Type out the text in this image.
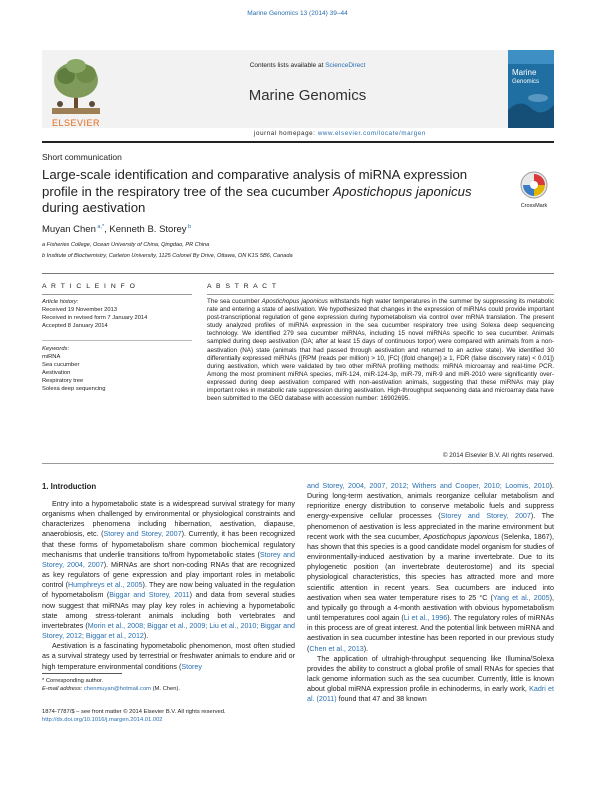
Marine Genomics 13 (2014) 39–44
ELSEVIER
Contents lists available at ScienceDirect
Marine Genomics
journal homepage: www.elsevier.com/locate/margen
Marine
Genomics
Short communication
Large-scale identification and comparative analysis of miRNA expression profile in the respiratory tree of the sea cucumber Apostichopus japonicus during aestivation	CrossMark
Muyan Chen $^{a,*}$, Kenneth B. Storey $^b$
a Fisheries College, Ocean University of China, Qingdao, PR China
b Institute of Biochemistry, Carleton University, 1125 Colonel By Drive, Ottawa, ON K1S 5B6, Canada
A R T I C L E I N F O	A B S T R A C T
Article history:
Received 19 November 2013
Received in revised form 7 January 2014
Accepted 8 January 2014
Keywords:
miRNA
Sea cucumber
Aestivation
Respiratory tree
Solexa deep sequencing
The sea cucumber Apostichopus japonicus withstands high water temperatures in the summer by suppressing its metabolic rate and entering a state of aestivation. We hypothesized that changes in the expression of miRNAs could provide important post-transcriptional regulation of gene expression during hypometabolism via control over mRNA translation. The present study analyzed profiles of miRNA expression in the sea cucumber respiratory tree using Solexa deep sequencing technology. We identified 279 sea cucumber miRNAs, including 15 novel miRNAs specific to sea cucumber. Animals sampled during deep aestivation (DA; after at least 15 days of continuous torpor) were compared with animals from a non-aestivation (NA) state (animals that had passed through aestivation and returned to an active state). We identified 30 differentially expressed miRNAs ([RPM (reads per million) > 10, |FC| (|fold change|) ≥ 1, FDR (false discovery rate) < 0.01]) during aestivation, which were validated by two other miRNA profiling methods: miRNA microarray and real-time PCR. Among the most prominent miRNA species, miR-124, miR-124-3p, miR-79, miR-9 and miR-2010 were significantly over-expressed during deep aestivation compared with non-aestivation animals, suggesting that these miRNAs may play important roles in metabolic rate suppression during aestivation. High-throughput sequencing data and microarray data have been submitted to the GEO database with accession number: 16902695.
© 2014 Elsevier B.V. All rights reserved.
1. Introduction

Entry into a hypometabolic state is a widespread survival strategy for many organisms when challenged by environmental or physiological constraints and characterizes phenomena including hibernation, aestivation, diapause, anaerobiosis, etc. (Storey and Storey, 2007). Currently, it has been recognized that these forms of hypometabolism share common biochemical regulatory mechanisms that underlie transitions to/from hypometabolic states (Storey and Storey, 2004, 2007). MiRNAs are short non-coding RNAs that are recognized as key regulators of gene expression and play important roles in metabolic control (Humphreys et al., 2005). They are now being valuated in the regulation of hypometabolism (Biggar and Storey, 2011) and data from several studies now suggest that miRNAs may play key roles in achieving a hypometabolic state among stress-tolerant animals including both vertebrates and invertebrates (Morin et al., 2008; Biggar et al., 2009; Liu et al., 2010; Biggar and Storey, 2012; Biggar et al., 2012).

Aestivation is a fascinating hypometabolic phenomenon, most often studied as a survival strategy used by terrestrial or freshwater animals to endure arid or high temperature environmental conditions (Storey

and Storey, 2004, 2007, 2012; Withers and Cooper, 2010; Loomis, 2010). During long-term aestivation, animals reorganize cellular metabolism and reprioritize energy distribution to conserve metabolic fuels and suppress energy-expensive cellular processes (Storey and Storey, 2007). The phenomenon of aestivation is less appreciated in the marine environment but recent work with the sea cucumber, Apostichopus japonicus (Selenka, 1867), has shown that this species is a good candidate model organism for studies of environmentally-induced aestivation by a marine invertebrate. Due to its phylogenetic position (an invertebrate deuterostome) and its special physiological characteristics, this species has attracted more and more scientific attention in recent years. Sea cucumbers are induced into aestivation when sea water temperature rises to 25 °C (Yang et al., 2005), and typically go through a 4-month aestivation with obvious hypometabolism until temperatures cool again (Li et al., 1996). The regulatory roles of miRNAs in this process are of great interest. And the potential link between miRNA and aestivation in sea cucumber intestine has been reported in our previous study (Chen et al., 2013).

The application of ultrahigh-throughput sequencing like Illumina/Solexa provides the ability to construct a global profile of small RNAs for species that lack genome information such as the sea cucumber. Currently, little is known about global miRNA expression profile in echinoderms, in early work, Kadri et al. (2011) found that 47 and 38 known

* Corresponding author.
E-mail address: chenmuyan@hotmail.com (M. Chen).
1874-7787/$ – see front matter © 2014 Elsevier B.V. All rights reserved.
http://dx.doi.org/10.1016/j.margen.2014.01.002
